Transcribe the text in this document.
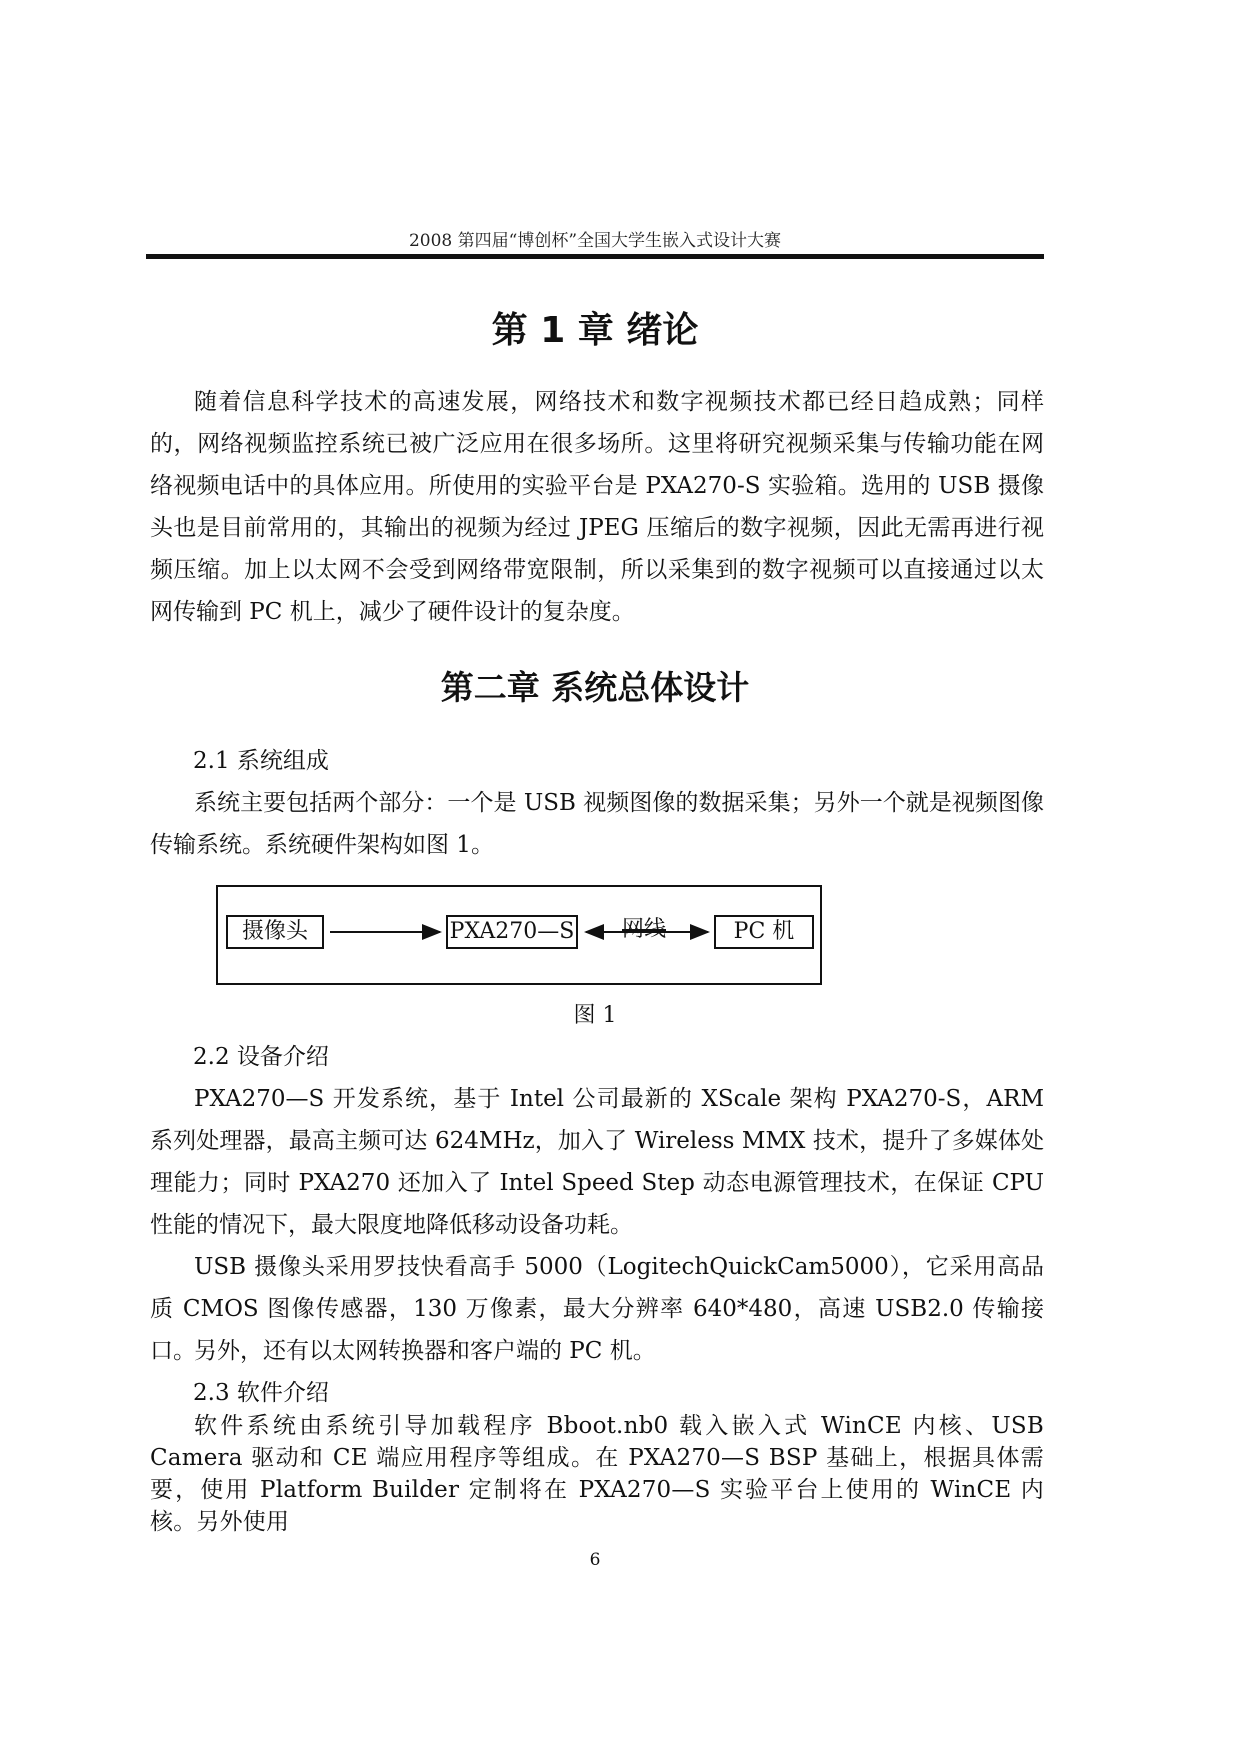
2008 第四届“博创杯”全国大学生嵌入式设计大赛
第 1 章 绪论

随着信息科学技术的高速发展，网络技术和数字视频技术都已经日趋成熟；同样的，网络视频监控系统已被广泛应用在很多场所。这里将研究视频采集与传输功能在网络视频电话中的具体应用。所使用的实验平台是 PXA270-S 实验箱。选用的 USB 摄像头也是目前常用的，其输出的视频为经过 JPEG 压缩后的数字视频，因此无需再进行视频压缩。加上以太网不会受到网络带宽限制，所以采集到的数字视频可以直接通过以太网传输到 PC 机上，减少了硬件设计的复杂度。

第二章 系统总体设计

2.1 系统组成

系统主要包括两个部分：一个是 USB 视频图像的数据采集；另外一个就是视频图像传输系统。系统硬件架构如图 1。

摄像头	PXA270—S 网线	PC 机
图 1

2.2 设备介绍

PXA270—S 开发系统，基于 Intel 公司最新的 XScale 架构 PXA270-S，ARM 系列处理器，最高主频可达 624MHz，加入了 Wireless MMX 技术，提升了多媒体处理能力；同时 PXA270 还加入了 Intel Speed Step 动态电源管理技术，在保证 CPU 性能的情况下，最大限度地降低移动设备功耗。

USB 摄像头采用罗技快看高手 5000（LogitechQuickCam5000），它采用高品质 CMOS 图像传感器，130 万像素，最大分辨率 640*480，高速 USB2.0 传输接口。

另外，还有以太网转换器和客户端的 PC 机。

2.3 软件介绍

软件系统由系统引导加载程序 Bboot.nb0 载入嵌入式 WinCE 内核、USB Camera 驱动和 CE 端应用程序等组成。在 PXA270—S BSP 基础上，根据具体需要，使用 Platform Builder 定制将在 PXA270—S 实验平台上使用的 WinCE 内核。另外使用

6
